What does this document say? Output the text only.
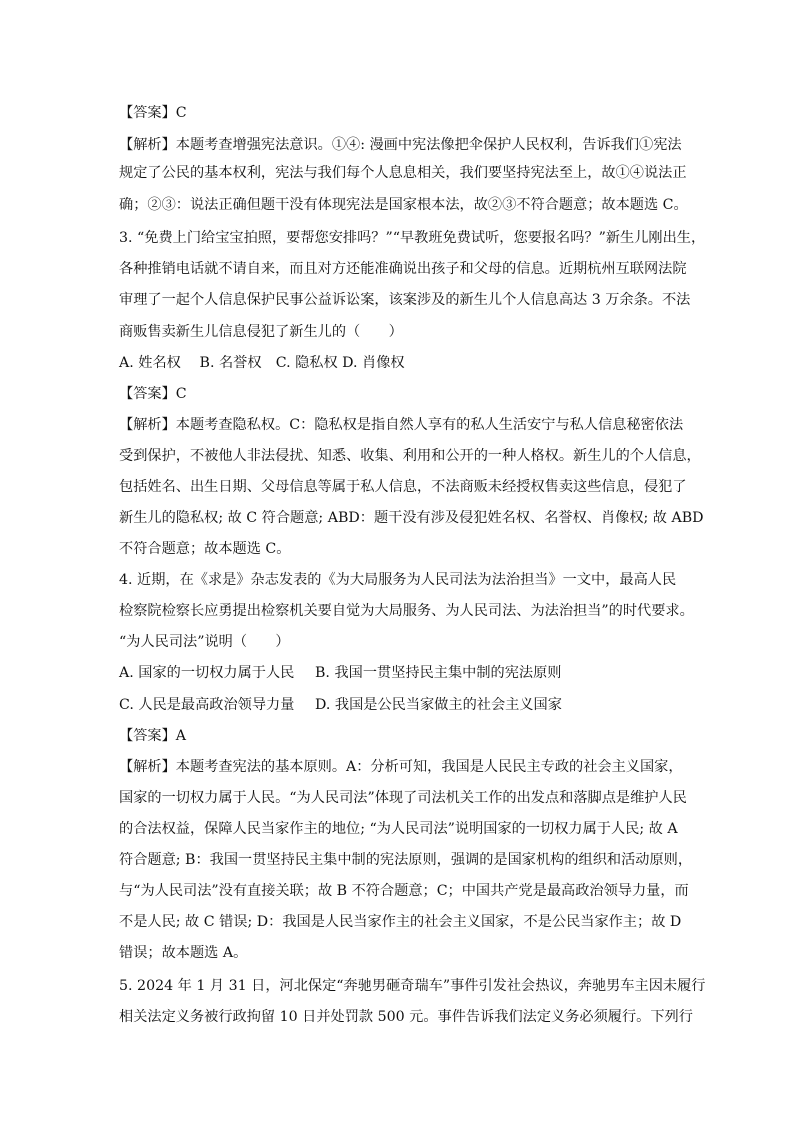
【答案】C
【解析】本题考查增强宪法意识。①④: 漫画中宪法像把伞保护人民权利，告诉我们①宪法
规定了公民的基本权利，宪法与我们每个人息息相关，我们要坚持宪法至上，故①④说法正
确；②③：说法正确但题干没有体现宪法是国家根本法，故②③不符合题意；故本题选 C。
3. “免费上门给宝宝拍照，要帮您安排吗？”“早教班免费试听，您要报名吗？”新生儿刚出生，
各种推销电话就不请自来，而且对方还能准确说出孩子和父母的信息。近期杭州互联网法院
审理了一起个人信息保护民事公益诉讼案，该案涉及的新生儿个人信息高达 3 万余条。不法
商贩售卖新生儿信息侵犯了新生儿的（　　）
A. 姓名权　 B. 名誉权　C. 隐私权 D. 肖像权
【答案】C
【解析】本题考查隐私权。C：隐私权是指自然人享有的私人生活安宁与私人信息秘密依法
受到保护，不被他人非法侵扰、知悉、收集、利用和公开的一种人格权。新生儿的个人信息，
包括姓名、出生日期、父母信息等属于私人信息，不法商贩未经授权售卖这些信息，侵犯了
新生儿的隐私权; 故 C 符合题意; ABD：题干没有涉及侵犯姓名权、名誉权、肖像权; 故 ABD
不符合题意；故本题选 C。
4. 近期，在《求是》杂志发表的《为大局服务为人民司法为法治担当》一文中，最高人民
检察院检察长应勇提出检察机关要自觉为大局服务、为人民司法、为法治担当”的时代要求。
“为人民司法”说明（　　）
A. 国家的一切权力属于人民	B. 我国一贯坚持民主集中制的宪法原则
C. 人民是最高政治领导力量	D. 我国是公民当家做主的社会主义国家
【答案】A
【解析】本题考查宪法的基本原则。A：分析可知，我国是人民民主专政的社会主义国家，
国家的一切权力属于人民。“为人民司法”体现了司法机关工作的出发点和落脚点是维护人民
的合法权益，保障人民当家作主的地位; “为人民司法”说明国家的一切权力属于人民; 故 A
符合题意; B：我国一贯坚持民主集中制的宪法原则，强调的是国家机构的组织和活动原则，
与“为人民司法”没有直接关联；故 B 不符合题意；C；中国共产党是最高政治领导力量，而
不是人民; 故 C 错误; D：我国是人民当家作主的社会主义国家，不是公民当家作主；故 D
错误；故本题选 A。
5. 2024 年 1 月 31 日，河北保定“奔驰男砸奇瑞车”事件引发社会热议，奔驰男车主因未履行
相关法定义务被行政拘留 10 日并处罚款 500 元。事件告诉我们法定义务必须履行。下列行
